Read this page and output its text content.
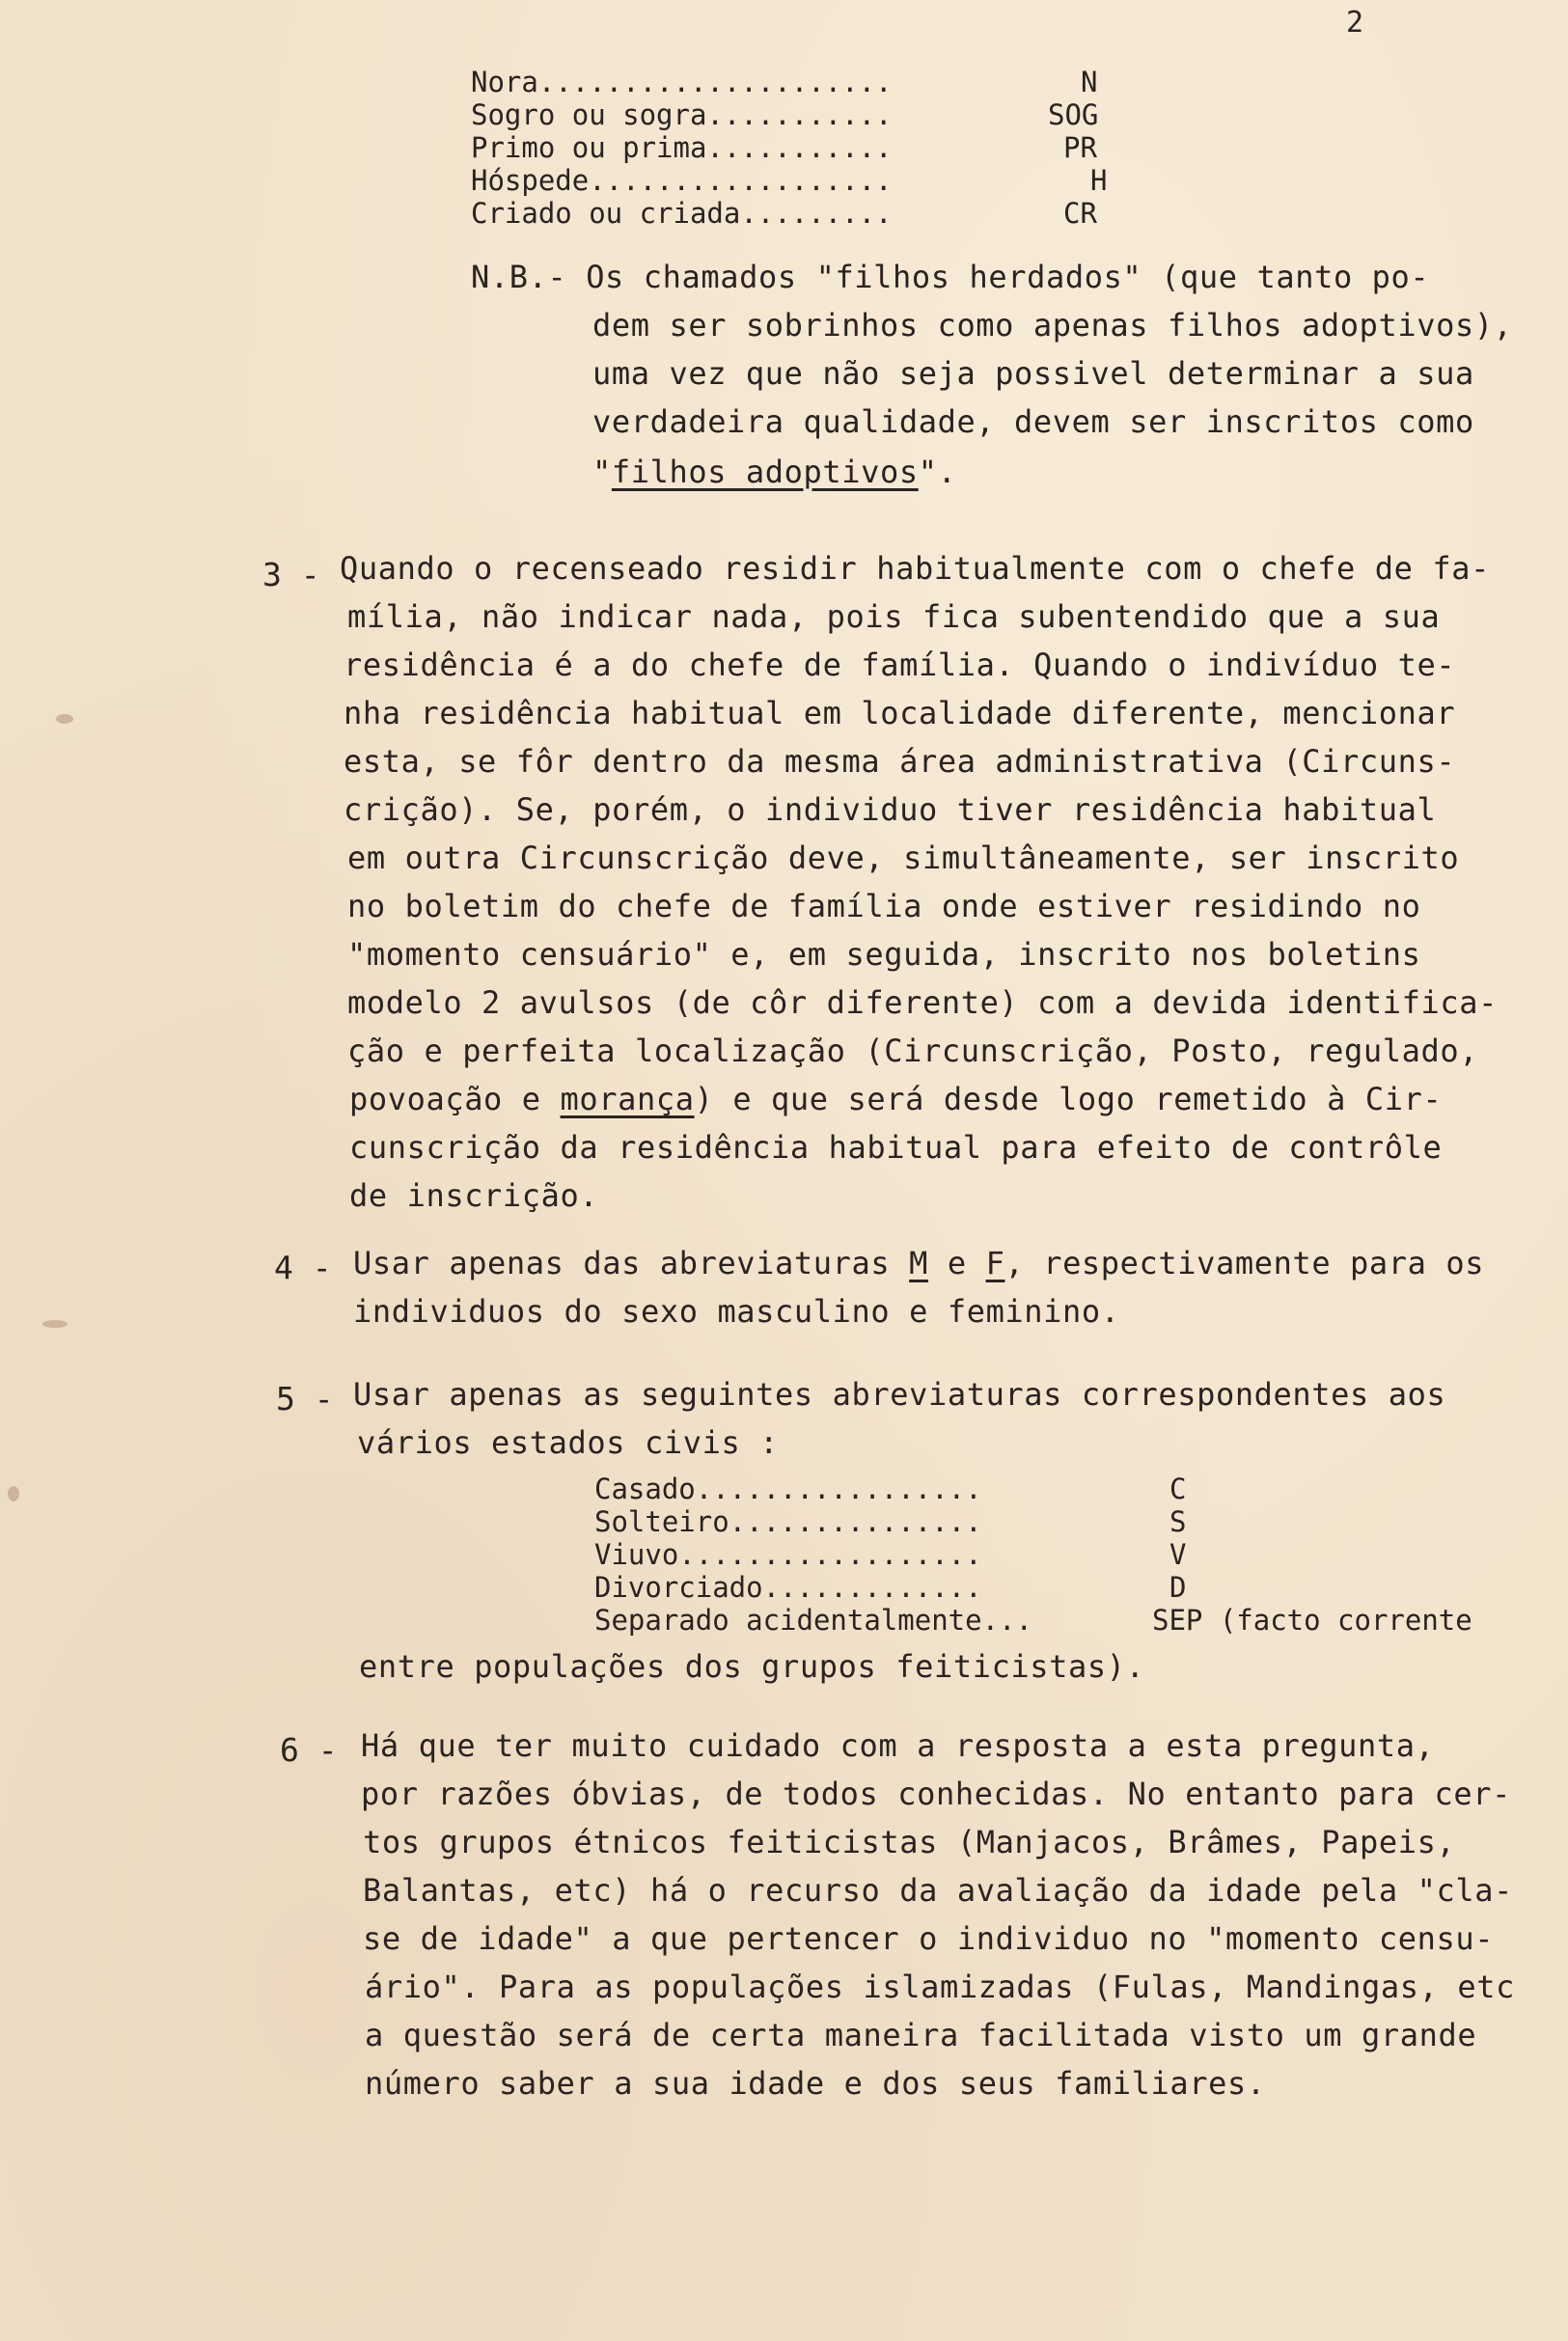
2
Nora.....................	N
Sogro ou sogra...........	SOG
Primo ou prima...........	PR
Hóspede..................	H
Criado ou criada.........	CR
N.B.- Os chamados "filhos herdados" (que tanto po-
dem ser sobrinhos como apenas filhos adoptivos),
uma vez que não seja possivel determinar a sua
verdadeira qualidade, devem ser inscritos como
"filhos adoptivos".
3 - Quando o recenseado residir habitualmente com o chefe de fa-
mília, não indicar nada, pois fica subentendido que a sua
residência é a do chefe de família. Quando o indivíduo te-
nha residência habitual em localidade diferente, mencionar
esta, se fôr dentro da mesma área administrativa (Circuns-
crição). Se, porém, o individuo tiver residência habitual
em outra Circunscrição deve, simultâneamente, ser inscrito
no boletim do chefe de família onde estiver residindo no
"momento censuário" e, em seguida, inscrito nos boletins
modelo 2 avulsos (de côr diferente) com a devida identifica-
ção e perfeita localização (Circunscrição, Posto, regulado,
povoação e morança) e que será desde logo remetido à Cir-
cunscrição da residência habitual para efeito de contrôle
de inscrição.
4 - Usar apenas das abreviaturas M e F, respectivamente para os
individuos do sexo masculino e feminino.
5 - Usar apenas as seguintes abreviaturas correspondentes aos
vários estados civis :
Casado.................	C
Solteiro...............	S
Viuvo..................	V
Divorciado.............	D
Separado acidentalmente...	SEP (facto corrente
entre populações dos grupos feiticistas).
6 - Há que ter muito cuidado com a resposta a esta pregunta,
por razões óbvias, de todos conhecidas. No entanto para cer-
tos grupos étnicos feiticistas (Manjacos, Brâmes, Papeis,
Balantas, etc) há o recurso da avaliação da idade pela "cla-
se de idade" a que pertencer o individuo no "momento censu-
ário". Para as populações islamizadas (Fulas, Mandingas, etc
a questão será de certa maneira facilitada visto um grande
número saber a sua idade e dos seus familiares.
